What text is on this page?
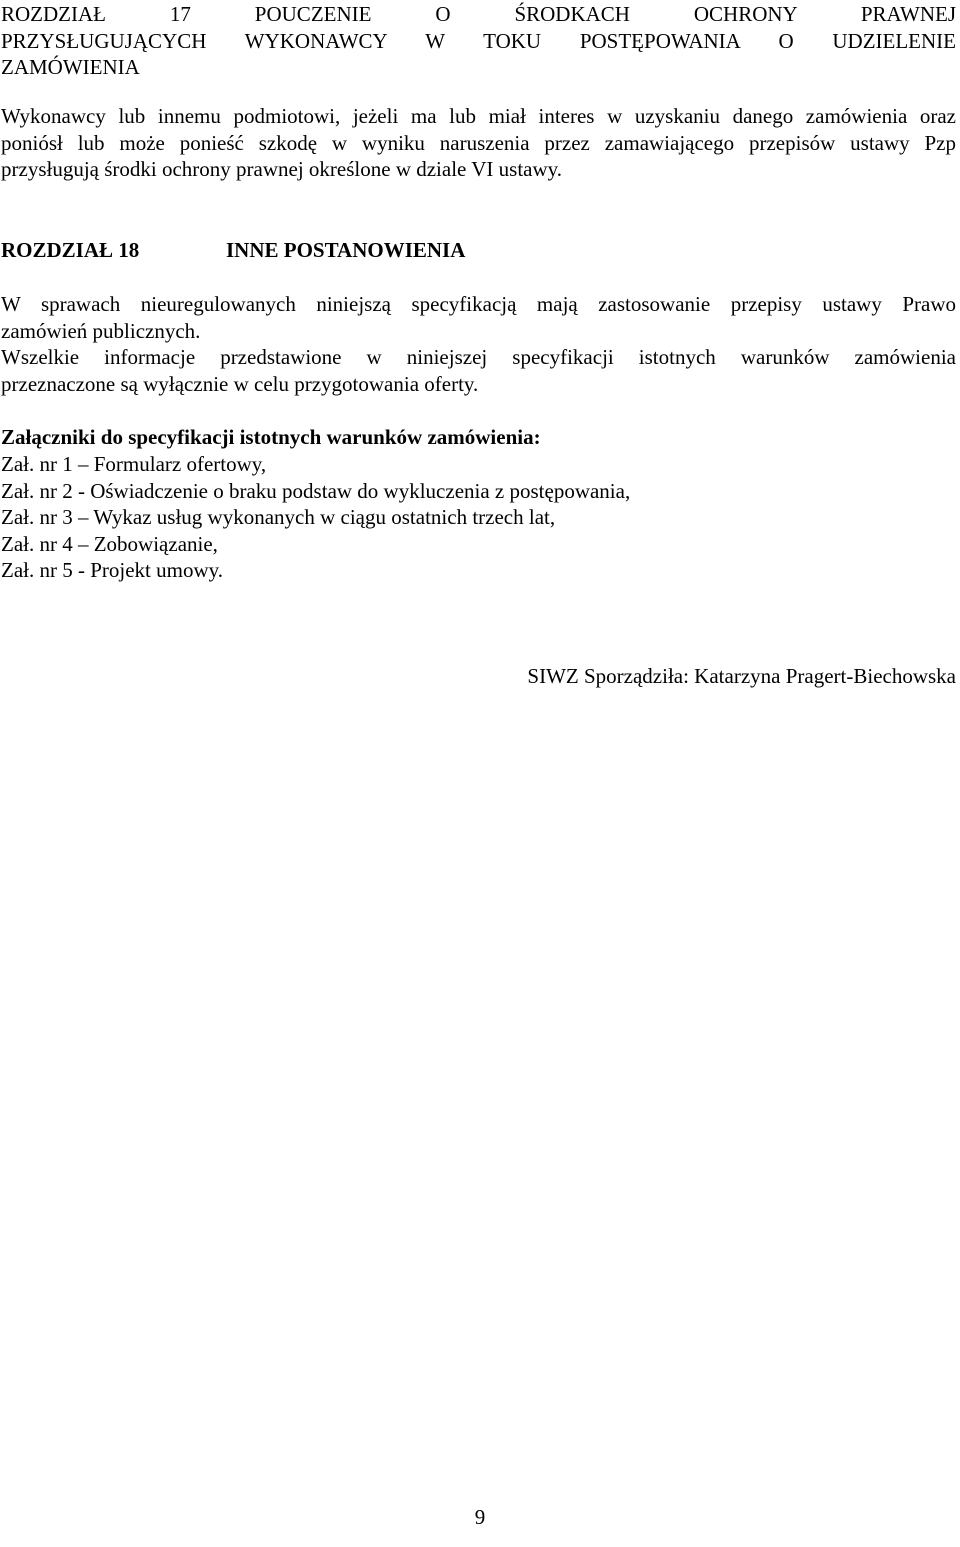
ROZDZIAŁ 17 POUCZENIE O ŚRODKACH OCHRONY PRAWNEJ
PRZYSŁUGUJĄCYCH WYKONAWCY W TOKU POSTĘPOWANIA O UDZIELENIE
ZAMÓWIENIA
Wykonawcy lub innemu podmiotowi, jeżeli ma lub miał interes w uzyskaniu danego zamówienia oraz
poniósł lub może ponieść szkodę w wyniku naruszenia przez zamawiającego przepisów ustawy Pzp
przysługują środki ochrony prawnej określone w dziale VI ustawy.
ROZDZIAŁ 18	INNE POSTANOWIENIA
W sprawach nieuregulowanych niniejszą specyfikacją mają zastosowanie przepisy ustawy Prawo
zamówień publicznych.
Wszelkie informacje przedstawione w niniejszej specyfikacji istotnych warunków zamówienia
przeznaczone są wyłącznie w celu przygotowania oferty.
Załączniki do specyfikacji istotnych warunków zamówienia:
Zał. nr 1 – Formularz ofertowy,
Zał. nr 2 - Oświadczenie o braku podstaw do wykluczenia z postępowania,
Zał. nr 3 – Wykaz usług wykonanych w ciągu ostatnich trzech lat,
Zał. nr 4 – Zobowiązanie,
Zał. nr 5 - Projekt umowy.
SIWZ Sporządziła: Katarzyna Pragert-Biechowska
9
